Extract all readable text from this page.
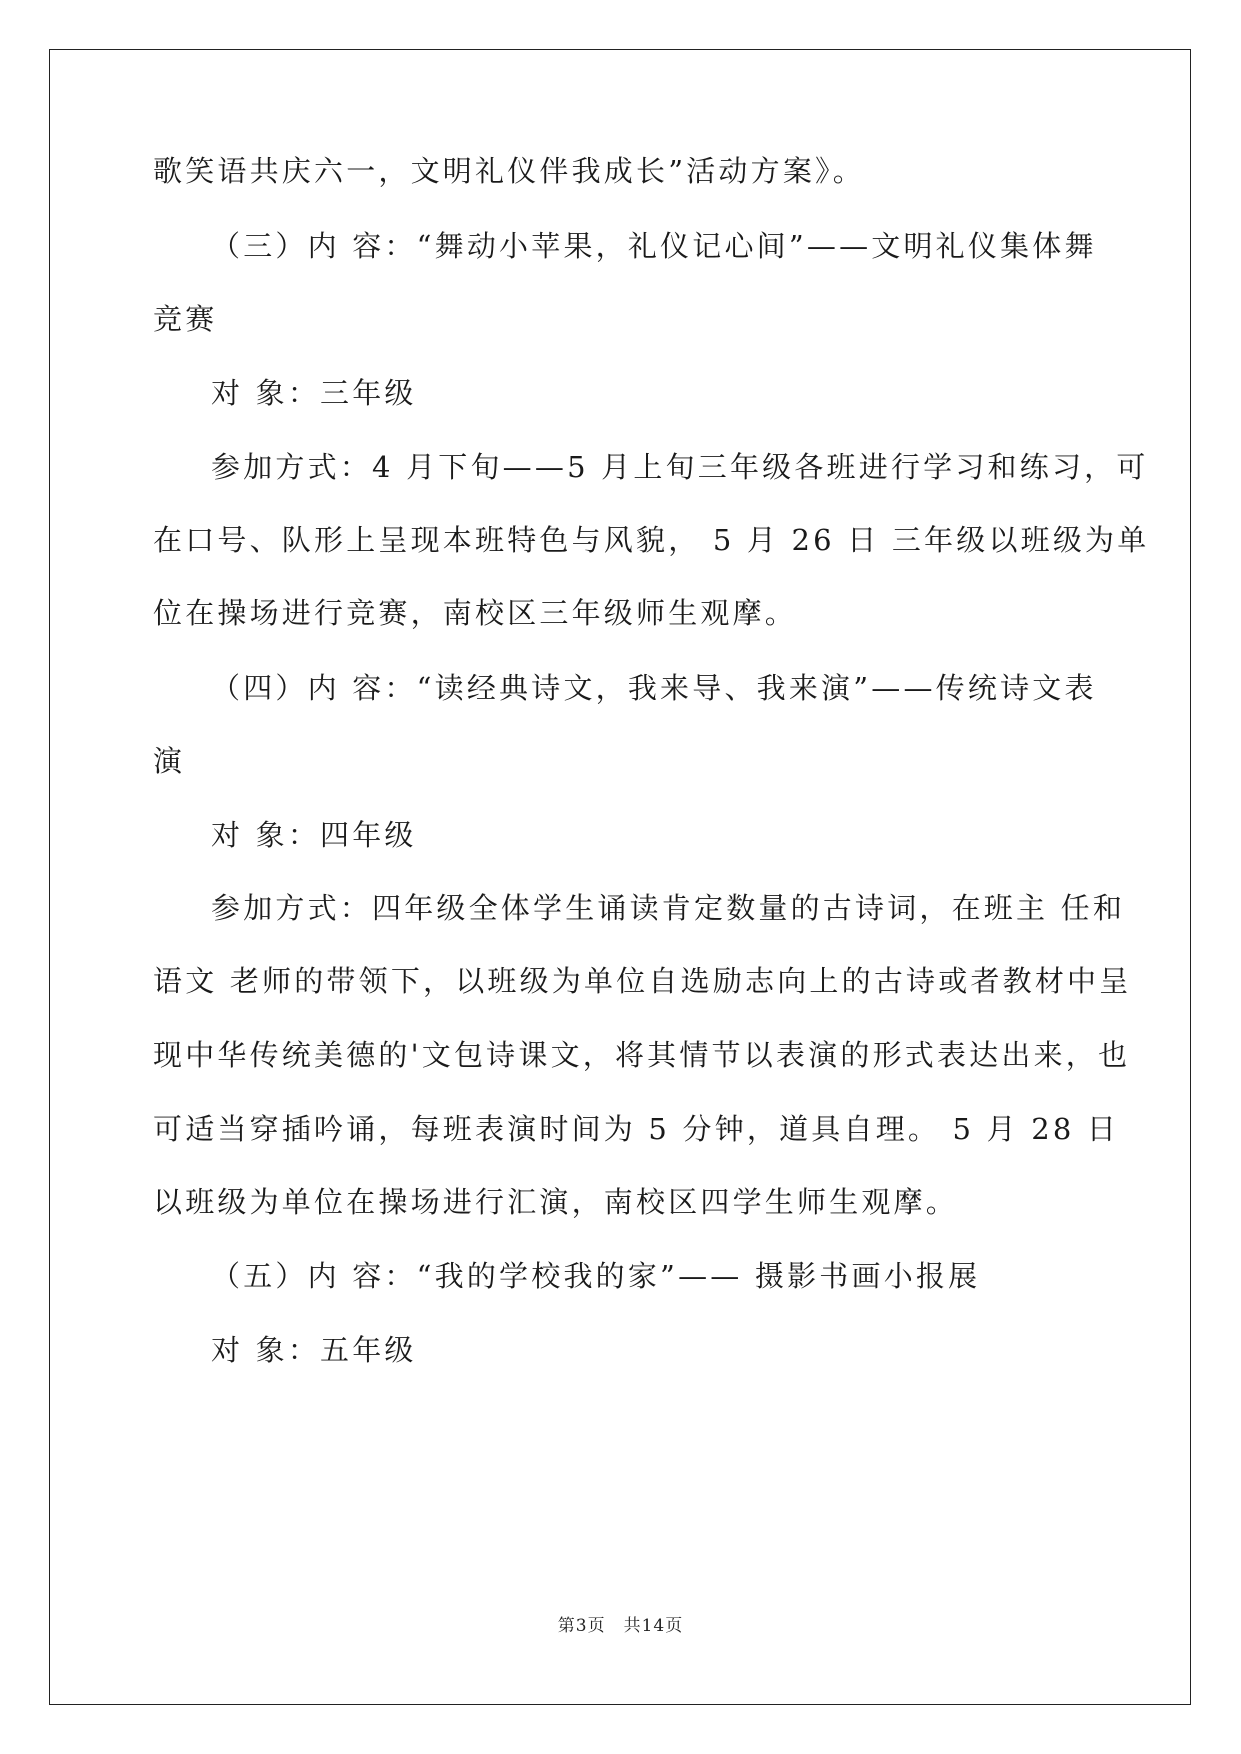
歌笑语共庆六一，文明礼仪伴我成长”活动方案》。
（三）内 容：“舞动小苹果，礼仪记心间”——文明礼仪集体舞
竞赛
对 象：三年级
参加方式：4 月下旬——5 月上旬三年级各班进行学习和练习，可
在口号、队形上呈现本班特色与风貌， 5 月 26 日 三年级以班级为单
位在操场进行竞赛，南校区三年级师生观摩。
（四）内 容：“读经典诗文，我来导、我来演”——传统诗文表
演
对 象：四年级
参加方式：四年级全体学生诵读肯定数量的古诗词，在班主 任和
语文 老师的带领下，以班级为单位自选励志向上的古诗或者教材中呈
现中华传统美德的'文包诗课文，将其情节以表演的形式表达出来，也
可适当穿插吟诵，每班表演时间为 5 分钟，道具自理。 5 月 28 日
以班级为单位在操场进行汇演，南校区四学生师生观摩。
（五）内 容：“我的学校我的家”—— 摄影书画小报展
对 象：五年级
第3页　共14页
